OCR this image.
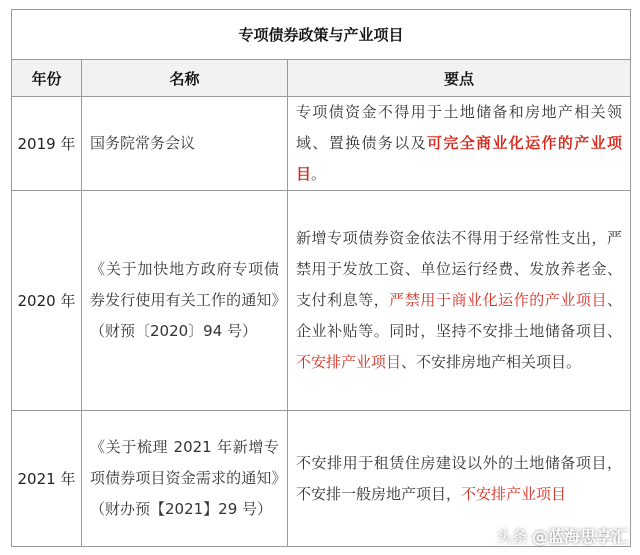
专项债券政策与产业项目		
年份	名称	要点
2019 年	国务院常务会议	专项债资金不得用于土地储备和房地产相关领域、置换债务以及可完全商业化运作的产业项目。
2020 年	《关于加快地方政府专项债券发行使用有关工作的通知》（财预〔2020〕94 号）	新增专项债券资金依法不得用于经常性支出，严禁用于发放工资、单位运行经费、发放养老金、支付利息等，严禁用于商业化运作的产业项目、企业补贴等。同时，坚持不安排土地储备项目、不安排产业项目、不安排房地产相关项目。
2021 年	《关于梳理 2021 年新增专项债券项目资金需求的通知》（财办预【2021】29 号）	不安排用于租赁住房建设以外的土地储备项目，不安排一般房地产项目，不安排产业项目
头条 @蓝海思享汇
